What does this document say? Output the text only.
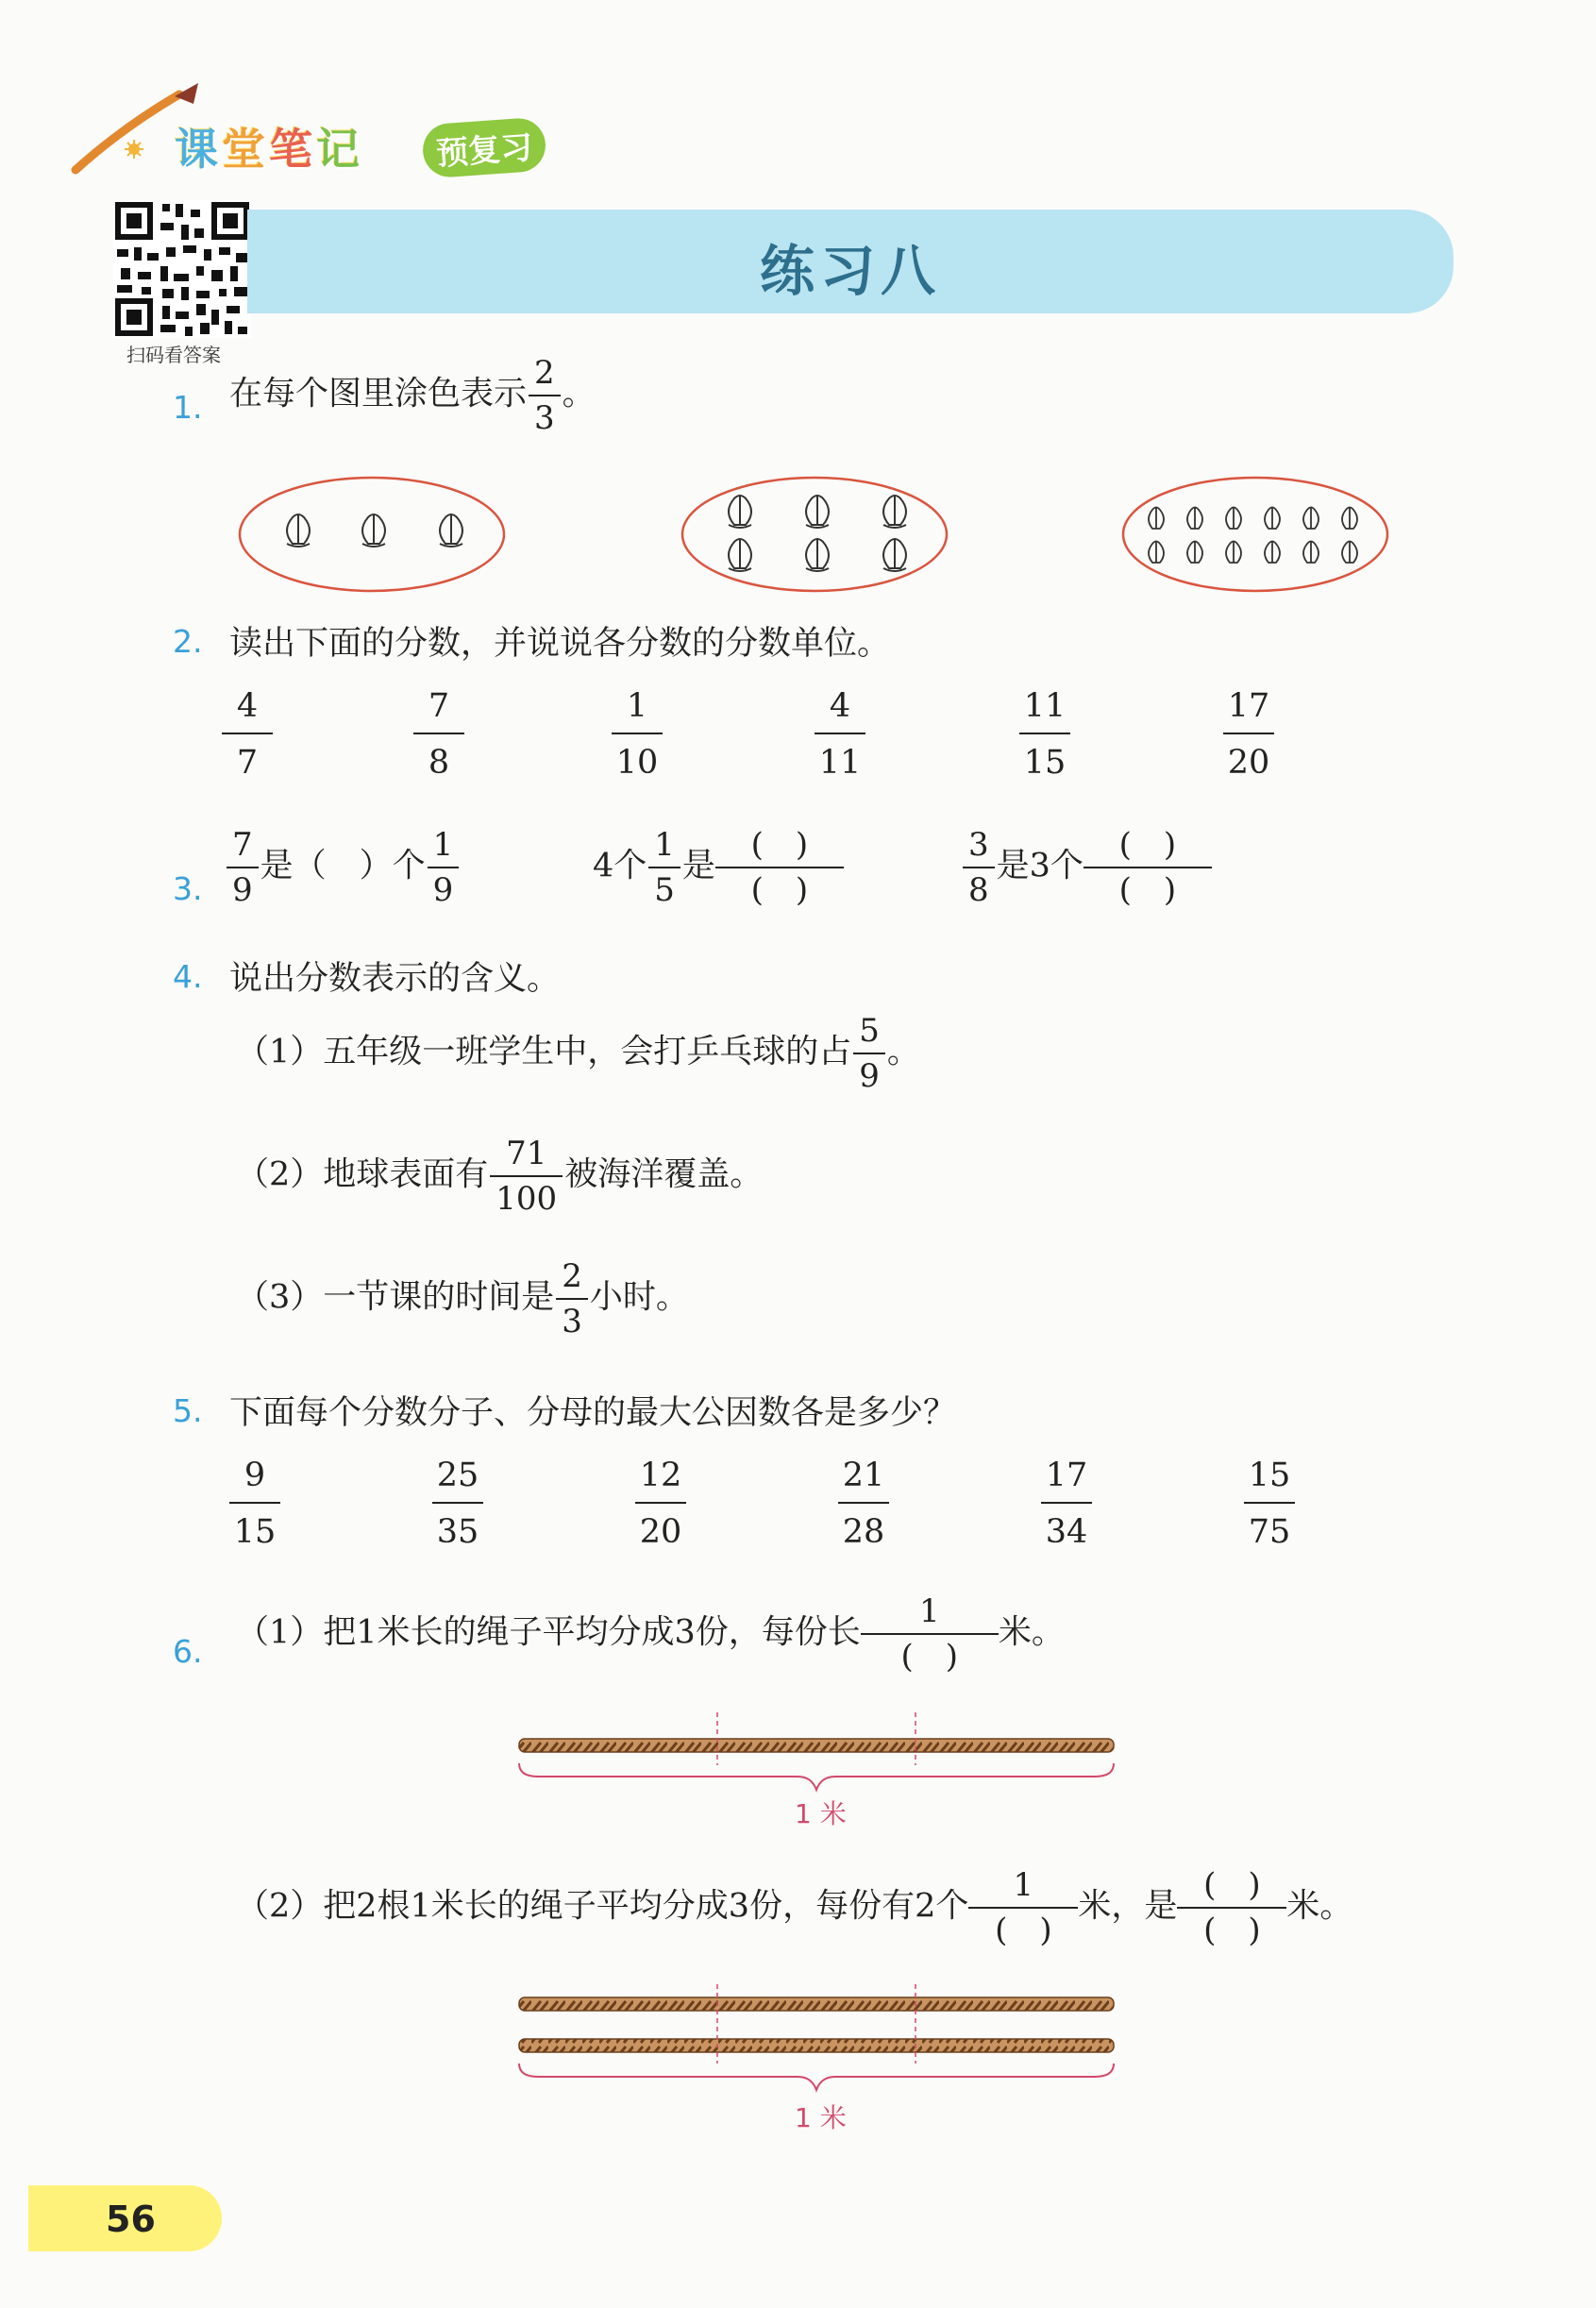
课堂笔记	预复习
扫码看答案
练习八
1. 在每个图里涂色表示 $\frac{2}{3}$ 。
2. 读出下面的分数，并说说各分数的分数单位。
4
7
7
8
1
10
4
11
11
15
17
20
3. $\frac{7}{9}$ 是（　）个 $\frac{1}{9}$	4个 $\frac{1}{5}$ 是
(　)
(　)	$\frac{3}{8}$ 是3个
(　)
(　)
4. 说出分数表示的含义。
（1）五年级一班学生中，会打乒乓球的占 $\frac{5}{9}$ 。
（2）地球表面有 $\frac{71}{100}$ 被海洋覆盖。
（3）一节课的时间是 $\frac{2}{3}$ 小时。
5. 下面每个分数分子、分母的最大公因数各是多少？
9
15
25
35
12
20
21
28
17
34
15
75
6. （1）把1米长的绳子平均分成3份，每份长
1
(　)
米。
1 米
（2）把2根1米长的绳子平均分成3份，每份有2个
1
(　)
米，是
(　)
(　)
米。
1 米
56
